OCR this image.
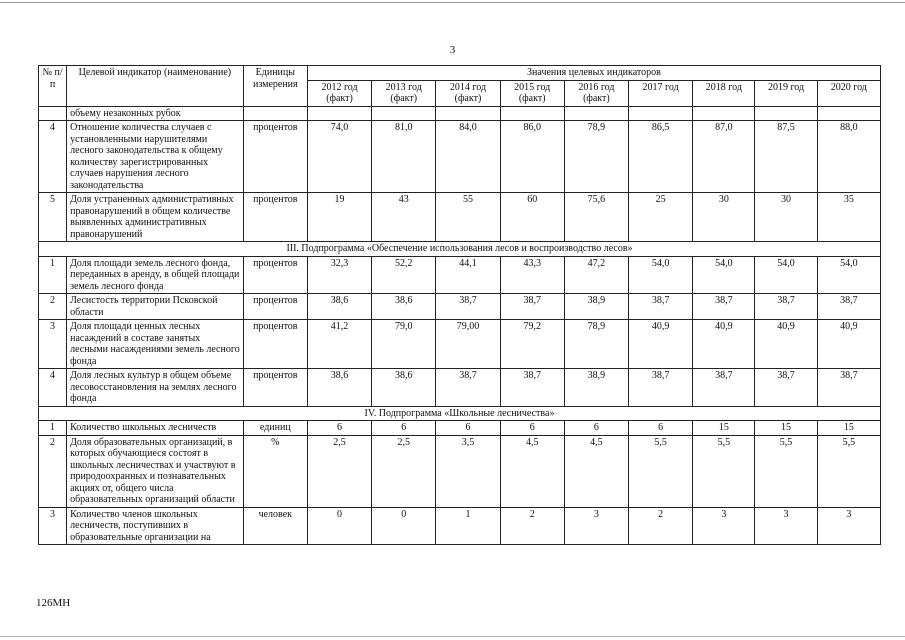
3
№ п/п	Целевой индикатор (наименование)	Единицы измерения	Значения целевых индикаторов								
			2012 год (факт)	2013 год (факт)	2014 год (факт)	2015 год (факт)	2016 год (факт)	2017 год	2018 год	2019 год	2020 год
	объему незаконных рубок										
4	Отношение количества случаев с установленными нарушителями лесного законодательства к общему количеству зарегистрированных случаев нарушения лесного законодательства	процентов	74,0	81,0	84,0	86,0	78,9	86,5	87,0	87,5	88,0
5	Доля устраненных административных правонарушений в общем количестве выявленных административных правонарушений	процентов	19	43	55	60	75,6	25	30	30	35
III. Подпрограмма «Обеспечение использования лесов и воспроизводство лесов»											
1	Доля площади земель лесного фонда, переданных в аренду, в общей площади земель лесного фонда	процентов	32,3	52,2	44,1	43,3	47,2	54,0	54,0	54,0	54,0
2	Лесистость территории Псковской области	процентов	38,6	38,6	38,7	38,7	38,9	38,7	38,7	38,7	38,7
3	Доля площади ценных лесных насаждений в составе занятых лесными насаждениями земель лесного фонда	процентов	41,2	79,0	79,00	79,2	78,9	40,9	40,9	40,9	40,9
4	Доля лесных культур в общем объеме лесовосстановления на землях лесного фонда	процентов	38,6	38,6	38,7	38,7	38,9	38,7	38,7	38,7	38,7
IV. Подпрограмма «Школьные лесничества»											
1	Количество школьных лесничеств	единиц	6	6	6	6	6	6	15	15	15
2	Доля образовательных организаций, в которых обучающиеся состоят в школьных лесничествах и участвуют в природоохранных и познавательных акциях от, общего числа образовательных организаций области	%	2,5	2,5	3,5	4,5	4,5	5,5	5,5	5,5	5,5
3	Количество членов школьных лесничеств, поступивших в образовательные организации на	человек	0	0	1	2	3	2	3	3	3
126МН
